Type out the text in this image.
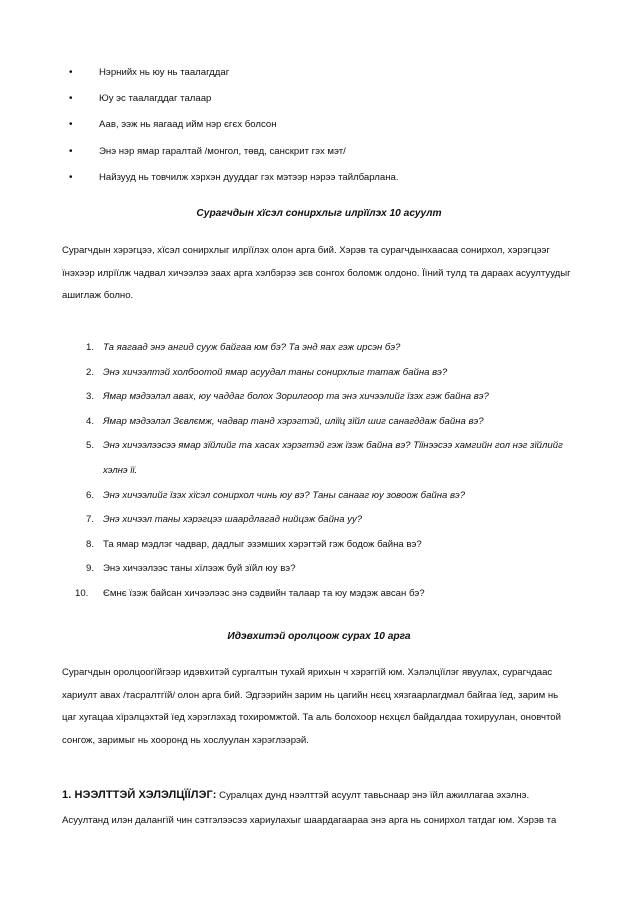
•	Нэрнийх нь юу нь таалагддаг
•	Юу эс таалагддаг талаар
•	Аав, ээж нь яагаад ийм нэр єгєх болсон
•	Энэ нэр ямар гаралтай /монгол, төвд, санскрит гэх мэт/
•	Найзууд нь товчилж хэрхэн дууддаг гэх мэтээр нэрээ тайлбарлана.
Сурагчдын хїсэл сонирхлыг илрїїлэх 10 асуулт
Сурагчдын хэрэгцээ, хїсэл сонирхлыг илрїїлэх олон арга бий. Хэрэв та сурагчдынхаасаа сонирхол, хэрэгцээг
їнэхээр илрїїлж чадвал хичээлээ заах арга хэлбэрээ зєв сонгох боломж олдоно. Їїний тулд та дараах асуултуудыг
ашиглаж болно.
1. Та яагаад энэ ангид сууж байгаа юм бэ? Та энд яах гэж ирсэн бэ?
2. Энэ хичээлтэй холбоотой ямар асуудал таны сонирхлыг татаж байна вэ?
3. Ямар мэдээлэл авах, юу чаддаг болох Зорилгоор та энэ хичээлийг їзэх гэж байна вэ?
4. Ямар мэдээлэл Зєвлємж, чадвар танд хэрэгтэй, илїїц зїйл шиг санагддаж байна вэ?
5. Энэ хичээлээсээ ямар зїйлийг та хасах хэрэгтэй гэж їзэж байна вэ? Тїїнээсээ хамгийн гол нэг зїйлийг
хэлнэ її.
6. Энэ хичээлийг їзэх хїсэл сонирхол чинь юу вэ? Таны санааг юу зовоож байна вэ?
7. Энэ хичээл таны хэрэгцээ шаардлагад нийцэж байна уу?
8. Та ямар мэдлэг чадвар, дадлыг эзэмших хэрэгтэй гэж бодож байна вэ?
9. Энэ хичээлээс таны хїлээж буй зїйл юу вэ?
10.	Ємнє їзэж байсан хичээлээс энэ сэдвийн талаар та юу мэдэж авсан бэ?
Идэвхитэй оролцоож сурах 10 арга
Сурагчдын оролцоогїйгээр идэвхитэй сургалтын тухай ярихын ч хэрэггїй юм. Хэлэлцїїлэг явуулах, сурагчдаас
хариулт авах /тасралтгїй/ олон арга бий. Эдгээрийн зарим нь цагийн нєєц хязгаарлагдмал байгаа їед, зарим нь
цаг хугацаа хїрэлцэхтэй їед хэрэглэхэд тохиромжтой. Та аль болохоор нєхцєл байдалдаа тохируулан, оновчтой
сонгож, заримыг нь хооронд нь хослуулан хэрэглээрэй.
1. НЭЭЛТТЭЙ ХЭЛЭЛЦЇЇЛЭГ: Суралцах дунд нээлттэй асуулт тавьснаар энэ їйл ажиллагаа эхэлнэ.
Асуултанд илэн далангїй чин сэтгэлээсээ хариулахыг шаардагаараа энэ арга нь сонирхол татдаг юм. Хэрэв та
